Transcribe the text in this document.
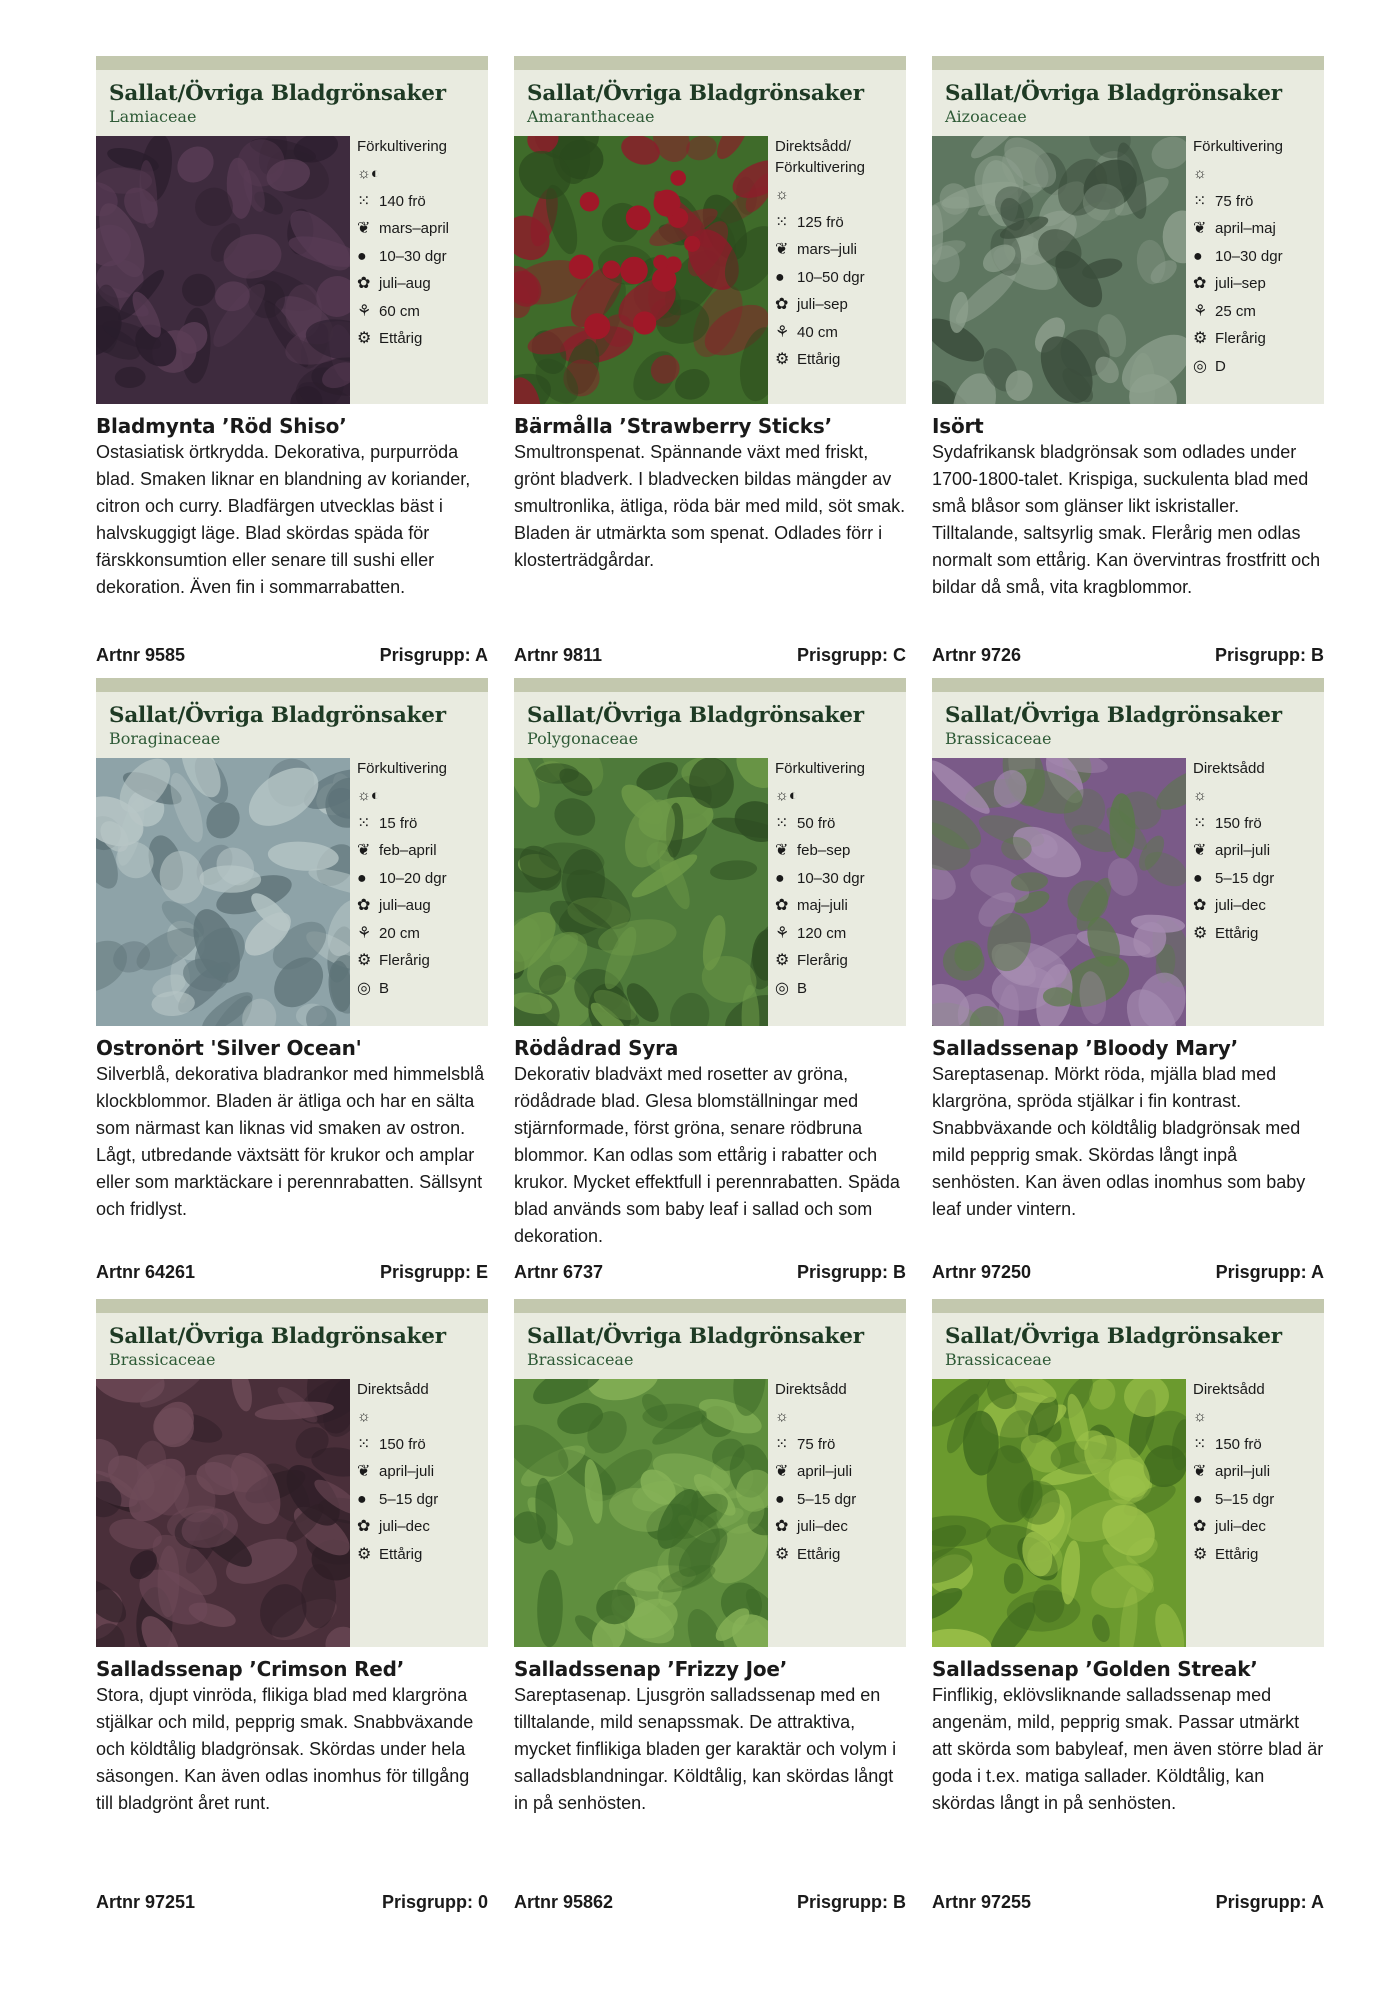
Sallat/Övriga Bladgrönsaker
Lamiaceae
Förkultivering
☼◐
⁙ 140 frö
❦ mars–april
● 10–30 dgr
✿ juli–aug
⚘ 60 cm
⚙ Ettårig
Bladmynta ’Röd Shiso’
Ostasiatisk örtkrydda. Dekorativa, purpurröda blad. Smaken liknar en blandning av koriander, citron och curry. Bladfärgen utvecklas bäst i halvskuggigt läge. Blad skördas späda för färskkonsumtion eller senare till sushi eller dekoration. Även fin i sommarrabatten.
Artnr 9585	Prisgrupp: A
Sallat/Övriga Bladgrönsaker
Amaranthaceae
Direktsådd/ Förkultivering
☼
⁙ 125 frö
❦ mars–juli
● 10–50 dgr
✿ juli–sep
⚘ 40 cm
⚙ Ettårig
Bärmålla ’Strawberry Sticks’
Smultronspenat. Spännande växt med friskt, grönt bladverk. I bladvecken bildas mängder av smultronlika, ätliga, röda bär med mild, söt smak. Bladen är utmärkta som spenat. Odlades förr i klosterträdgårdar.
Artnr 9811	Prisgrupp: C
Sallat/Övriga Bladgrönsaker
Aizoaceae
Förkultivering
☼
⁙ 75 frö
❦ april–maj
● 10–30 dgr
✿ juli–sep
⚘ 25 cm
⚙ Flerårig
◎ D
Isört
Sydafrikansk bladgrönsak som odlades under 1700-1800-talet. Krispiga, suckulenta blad med små blåsor som glänser likt iskristaller. Tilltalande, saltsyrlig smak. Flerårig men odlas normalt som ettårig. Kan övervintras frostfritt och bildar då små, vita kragblommor.
Artnr 9726	Prisgrupp: B
Sallat/Övriga Bladgrönsaker
Boraginaceae
Förkultivering
☼◐
⁙ 15 frö
❦ feb–april
● 10–20 dgr
✿ juli–aug
⚘ 20 cm
⚙ Flerårig
◎ B
Ostronört 'Silver Ocean'
Silverblå, dekorativa bladrankor med himmelsblå klockblommor. Bladen är ätliga och har en sälta som närmast kan liknas vid smaken av ostron. Lågt, utbredande växtsätt för krukor och amplar eller som marktäckare i perennrabatten. Sällsynt och fridlyst.
Artnr 64261	Prisgrupp: E
Sallat/Övriga Bladgrönsaker
Polygonaceae
Förkultivering
☼◐
⁙ 50 frö
❦ feb–sep
● 10–30 dgr
✿ maj–juli
⚘ 120 cm
⚙ Flerårig
◎ B
Rödådrad Syra
Dekorativ bladväxt med rosetter av gröna, rödådrade blad. Glesa blomställningar med stjärnformade, först gröna, senare rödbruna blommor. Kan odlas som ettårig i rabatter och krukor. Mycket effektfull i perennrabatten. Späda blad används som baby leaf i sallad och som dekoration.
Artnr 6737	Prisgrupp: B
Sallat/Övriga Bladgrönsaker
Brassicaceae
Direktsådd
☼
⁙ 150 frö
❦ april–juli
● 5–15 dgr
✿ juli–dec
⚙ Ettårig
Salladssenap ’Bloody Mary’
Sareptasenap. Mörkt röda, mjälla blad med klargröna, spröda stjälkar i fin kontrast. Snabbväxande och köldtålig bladgrönsak med mild pepprig smak. Skördas långt inpå senhösten. Kan även odlas inomhus som baby leaf under vintern.
Artnr 97250	Prisgrupp: A
Sallat/Övriga Bladgrönsaker
Brassicaceae
Direktsådd
☼
⁙ 150 frö
❦ april–juli
● 5–15 dgr
✿ juli–dec
⚙ Ettårig
Salladssenap ’Crimson Red’
Stora, djupt vinröda, flikiga blad med klargröna stjälkar och mild, pepprig smak. Snabbväxande och köldtålig bladgrönsak. Skördas under hela säsongen. Kan även odlas inomhus för tillgång till bladgrönt året runt.
Artnr 97251	Prisgrupp: 0
Sallat/Övriga Bladgrönsaker
Brassicaceae
Direktsådd
☼
⁙ 75 frö
❦ april–juli
● 5–15 dgr
✿ juli–dec
⚙ Ettårig
Salladssenap ’Frizzy Joe’
Sareptasenap. Ljusgrön salladssenap med en tilltalande, mild senapssmak. De attraktiva, mycket finflikiga bladen ger karaktär och volym i salladsblandningar. Köldtålig, kan skördas långt in på senhösten.
Artnr 95862	Prisgrupp: B
Sallat/Övriga Bladgrönsaker
Brassicaceae
Direktsådd
☼
⁙ 150 frö
❦ april–juli
● 5–15 dgr
✿ juli–dec
⚙ Ettårig
Salladssenap ’Golden Streak’
Finflikig, eklövsliknande salladssenap med angenäm, mild, pepprig smak. Passar utmärkt att skörda som babyleaf, men även större blad är goda i t.ex. matiga sallader. Köldtålig, kan skördas långt in på senhösten.
Artnr 97255	Prisgrupp: A
